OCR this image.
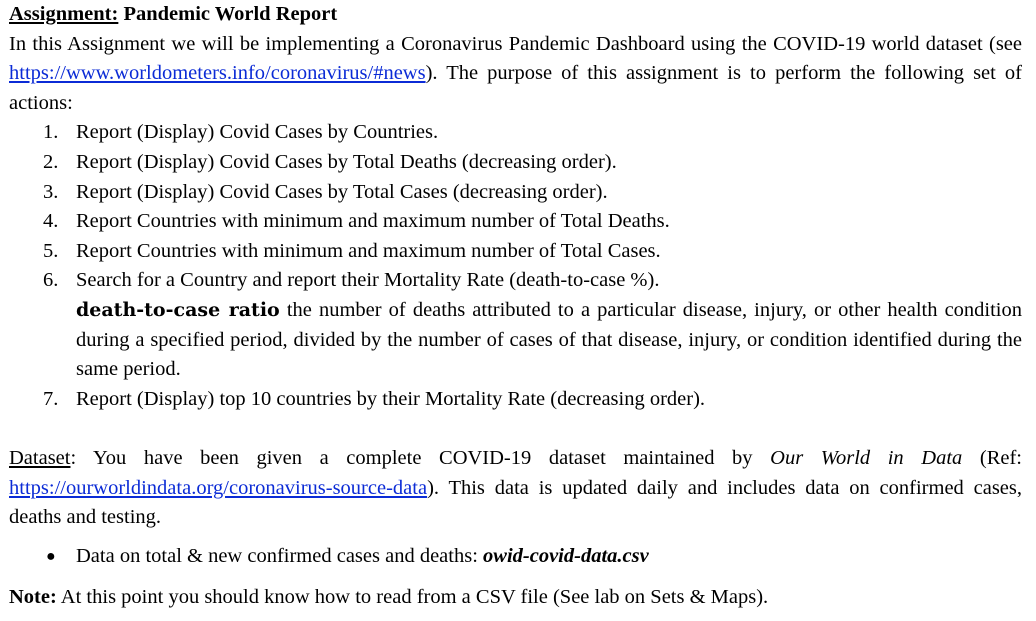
Assignment: Pandemic World Report

In this Assignment we will be implementing a Coronavirus Pandemic Dashboard using the COVID-19 world dataset (see https://www.worldometers.info/coronavirus/#news). The purpose of this assignment is to perform the following set of actions:

1. Report (Display) Covid Cases by Countries.
2. Report (Display) Covid Cases by Total Deaths (decreasing order).
3. Report (Display) Covid Cases by Total Cases (decreasing order).
4. Report Countries with minimum and maximum number of Total Deaths.
5. Report Countries with minimum and maximum number of Total Cases.
6. Search for a Country and report their Mortality Rate (death-to-case %).
death-to-case ratio the number of deaths attributed to a particular disease, injury, or other health condition during a specified period, divided by the number of cases of that disease, injury, or condition identified during the same period.
7. Report (Display) top 10 countries by their Mortality Rate (decreasing order).

Dataset: You have been given a complete COVID-19 dataset maintained by Our World in Data (Ref: https://ourworldindata.org/coronavirus-source-data). This data is updated daily and includes data on confirmed cases, deaths and testing.

● Data on total & new confirmed cases and deaths: owid-covid-data.csv

Note: At this point you should know how to read from a CSV file (See lab on Sets & Maps).
